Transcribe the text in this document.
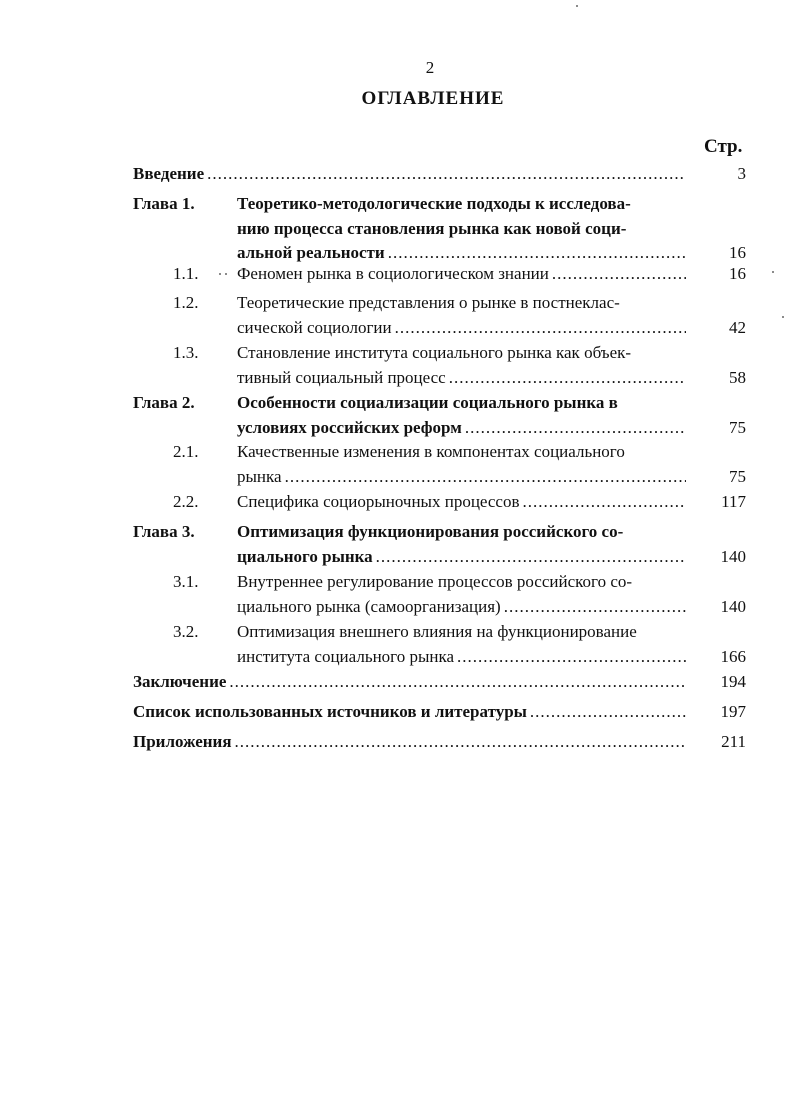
2
ОГЛАВЛЕНИЕ
Стр.
Введение .....	3
Глава 1. Теоретико-методологические подходы к исследова-
нию процесса становления рынка как новой соци-
альной реальности .....	16
1.1. Феномен рынка в социологическом знании .....	16
1.2. Теоретические представления о рынке в постнеклас-
сической социологии .....	42
1.3. Становление института социального рынка как объек-
тивный социальный процесс .....	58
Глава 2. Особенности социализации социального рынка в
условиях российских реформ .....	75
2.1. Качественные изменения в компонентах социального
рынка .....	75
2.2. Специфика социорыночных процессов .....	117
Глава 3. Оптимизация функционирования российского со-
циального рынка .....	140
3.1. Внутреннее регулирование процессов российского со-
циального рынка (самоорганизация) .....	140
3.2. Оптимизация внешнего влияния на функционирование
института социального рынка .....	166
Заключение .....	194
Список использованных источников и литературы .....	197
Приложения .....	211
